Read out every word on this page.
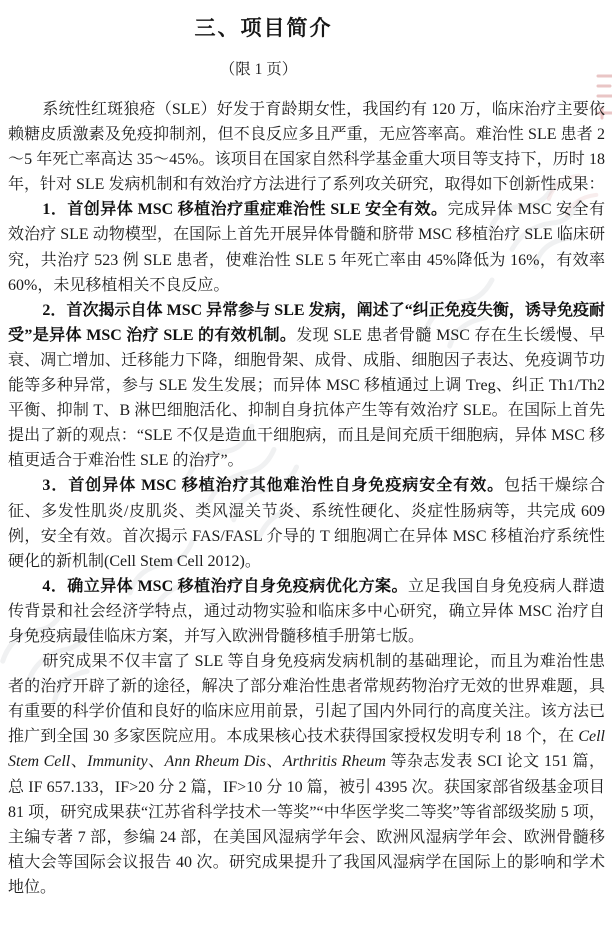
三、项目简介
（限 1 页）

系统性红斑狼疮（SLE）好发于育龄期女性，我国约有 120 万，临床治疗主要依赖糖皮质激素及免疫抑制剂，但不良反应多且严重，无应答率高。难治性 SLE 患者 2～5 年死亡率高达 35～45%。该项目在国家自然科学基金重大项目等支持下，历时 18 年，针对 SLE 发病机制和有效治疗方法进行了系列攻关研究，取得如下创新性成果：

1．首创异体 MSC 移植治疗重症难治性 SLE 安全有效。完成异体 MSC 安全有效治疗 SLE 动物模型，在国际上首先开展异体骨髓和脐带 MSC 移植治疗 SLE 临床研究，共治疗 523 例 SLE 患者，使难治性 SLE 5 年死亡率由 45%降低为 16%，有效率 60%，未见移植相关不良反应。

2．首次揭示自体 MSC 异常参与 SLE 发病，阐述了“纠正免疫失衡，诱导免疫耐受”是异体 MSC 治疗 SLE 的有效机制。发现 SLE 患者骨髓 MSC 存在生长缓慢、早衰、凋亡增加、迁移能力下降，细胞骨架、成骨、成脂、细胞因子表达、免疫调节功能等多种异常，参与 SLE 发生发展；而异体 MSC 移植通过上调 Treg、纠正 Th1/Th2 平衡、抑制 T、B 淋巴细胞活化、抑制自身抗体产生等有效治疗 SLE。在国际上首先提出了新的观点：“SLE 不仅是造血干细胞病，而且是间充质干细胞病，异体 MSC 移植更适合于难治性 SLE 的治疗”。

3．首创异体 MSC 移植治疗其他难治性自身免疫病安全有效。包括干燥综合征、多发性肌炎/皮肌炎、类风湿关节炎、系统性硬化、炎症性肠病等，共完成 609 例，安全有效。首次揭示 FAS/FASL 介导的 T 细胞凋亡在异体 MSC 移植治疗系统性硬化的新机制(Cell Stem Cell 2012)。

4．确立异体 MSC 移植治疗自身免疫病优化方案。立足我国自身免疫病人群遗传背景和社会经济学特点，通过动物实验和临床多中心研究，确立异体 MSC 治疗自身免疫病最佳临床方案，并写入欧洲骨髓移植手册第七版。

研究成果不仅丰富了 SLE 等自身免疫病发病机制的基础理论，而且为难治性患者的治疗开辟了新的途径，解决了部分难治性患者常规药物治疗无效的世界难题，具有重要的科学价值和良好的临床应用前景，引起了国内外同行的高度关注。该方法已推广到全国 30 多家医院应用。本成果核心技术获得国家授权发明专利 18 个，在 Cell Stem Cell、Immunity、Ann Rheum Dis、Arthritis Rheum 等杂志发表 SCI 论文 151 篇，总 IF 657.133，IF>20 分 2 篇，IF>10 分 10 篇，被引 4395 次。获国家部省级基金项目 81 项，研究成果获“江苏省科学技术一等奖”“中华医学奖二等奖”等省部级奖励 5 项，主编专著 7 部，参编 24 部，在美国风湿病学年会、欧洲风湿病学年会、欧洲骨髓移植大会等国际会议报告 40 次。研究成果提升了我国风湿病学在国际上的影响和学术地位。
